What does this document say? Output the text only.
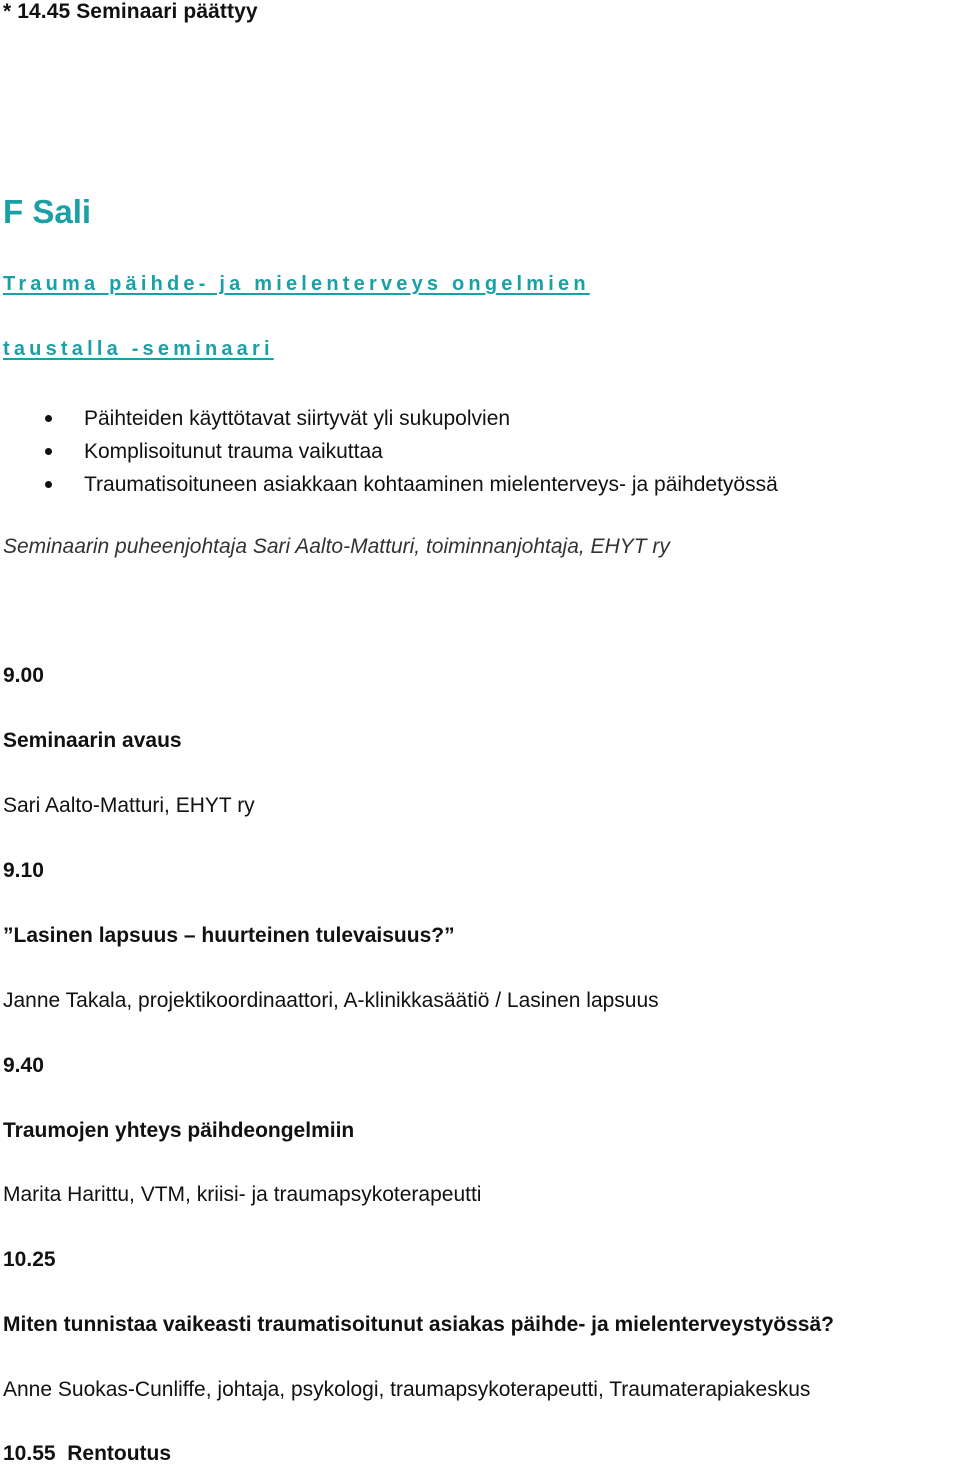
* 14.45 Seminaari päättyy
F Sali
Trauma päihde- ja mielenterveys ongelmien
taustalla -seminaari
Päihteiden käyttötavat siirtyvät yli sukupolvien
Komplisoitunut trauma vaikuttaa
Traumatisoituneen asiakkaan kohtaaminen mielenterveys- ja päihdetyössä
Seminaarin puheenjohtaja Sari Aalto-Matturi, toiminnanjohtaja, EHYT ry
9.00
Seminaarin avaus
Sari Aalto-Matturi, EHYT ry
9.10
”Lasinen lapsuus – huurteinen tulevaisuus?”
Janne Takala, projektikoordinaattori, A-klinikkasäätiö / Lasinen lapsuus
9.40
Traumojen yhteys päihdeongelmiin
Marita Harittu, VTM, kriisi- ja traumapsykoterapeutti
10.25
Miten tunnistaa vaikeasti traumatisoitunut asiakas päihde- ja mielenterveystyössä?
Anne Suokas-Cunliffe, johtaja, psykologi, traumapsykoterapeutti, Traumaterapiakeskus
10.55 Rentoutus
